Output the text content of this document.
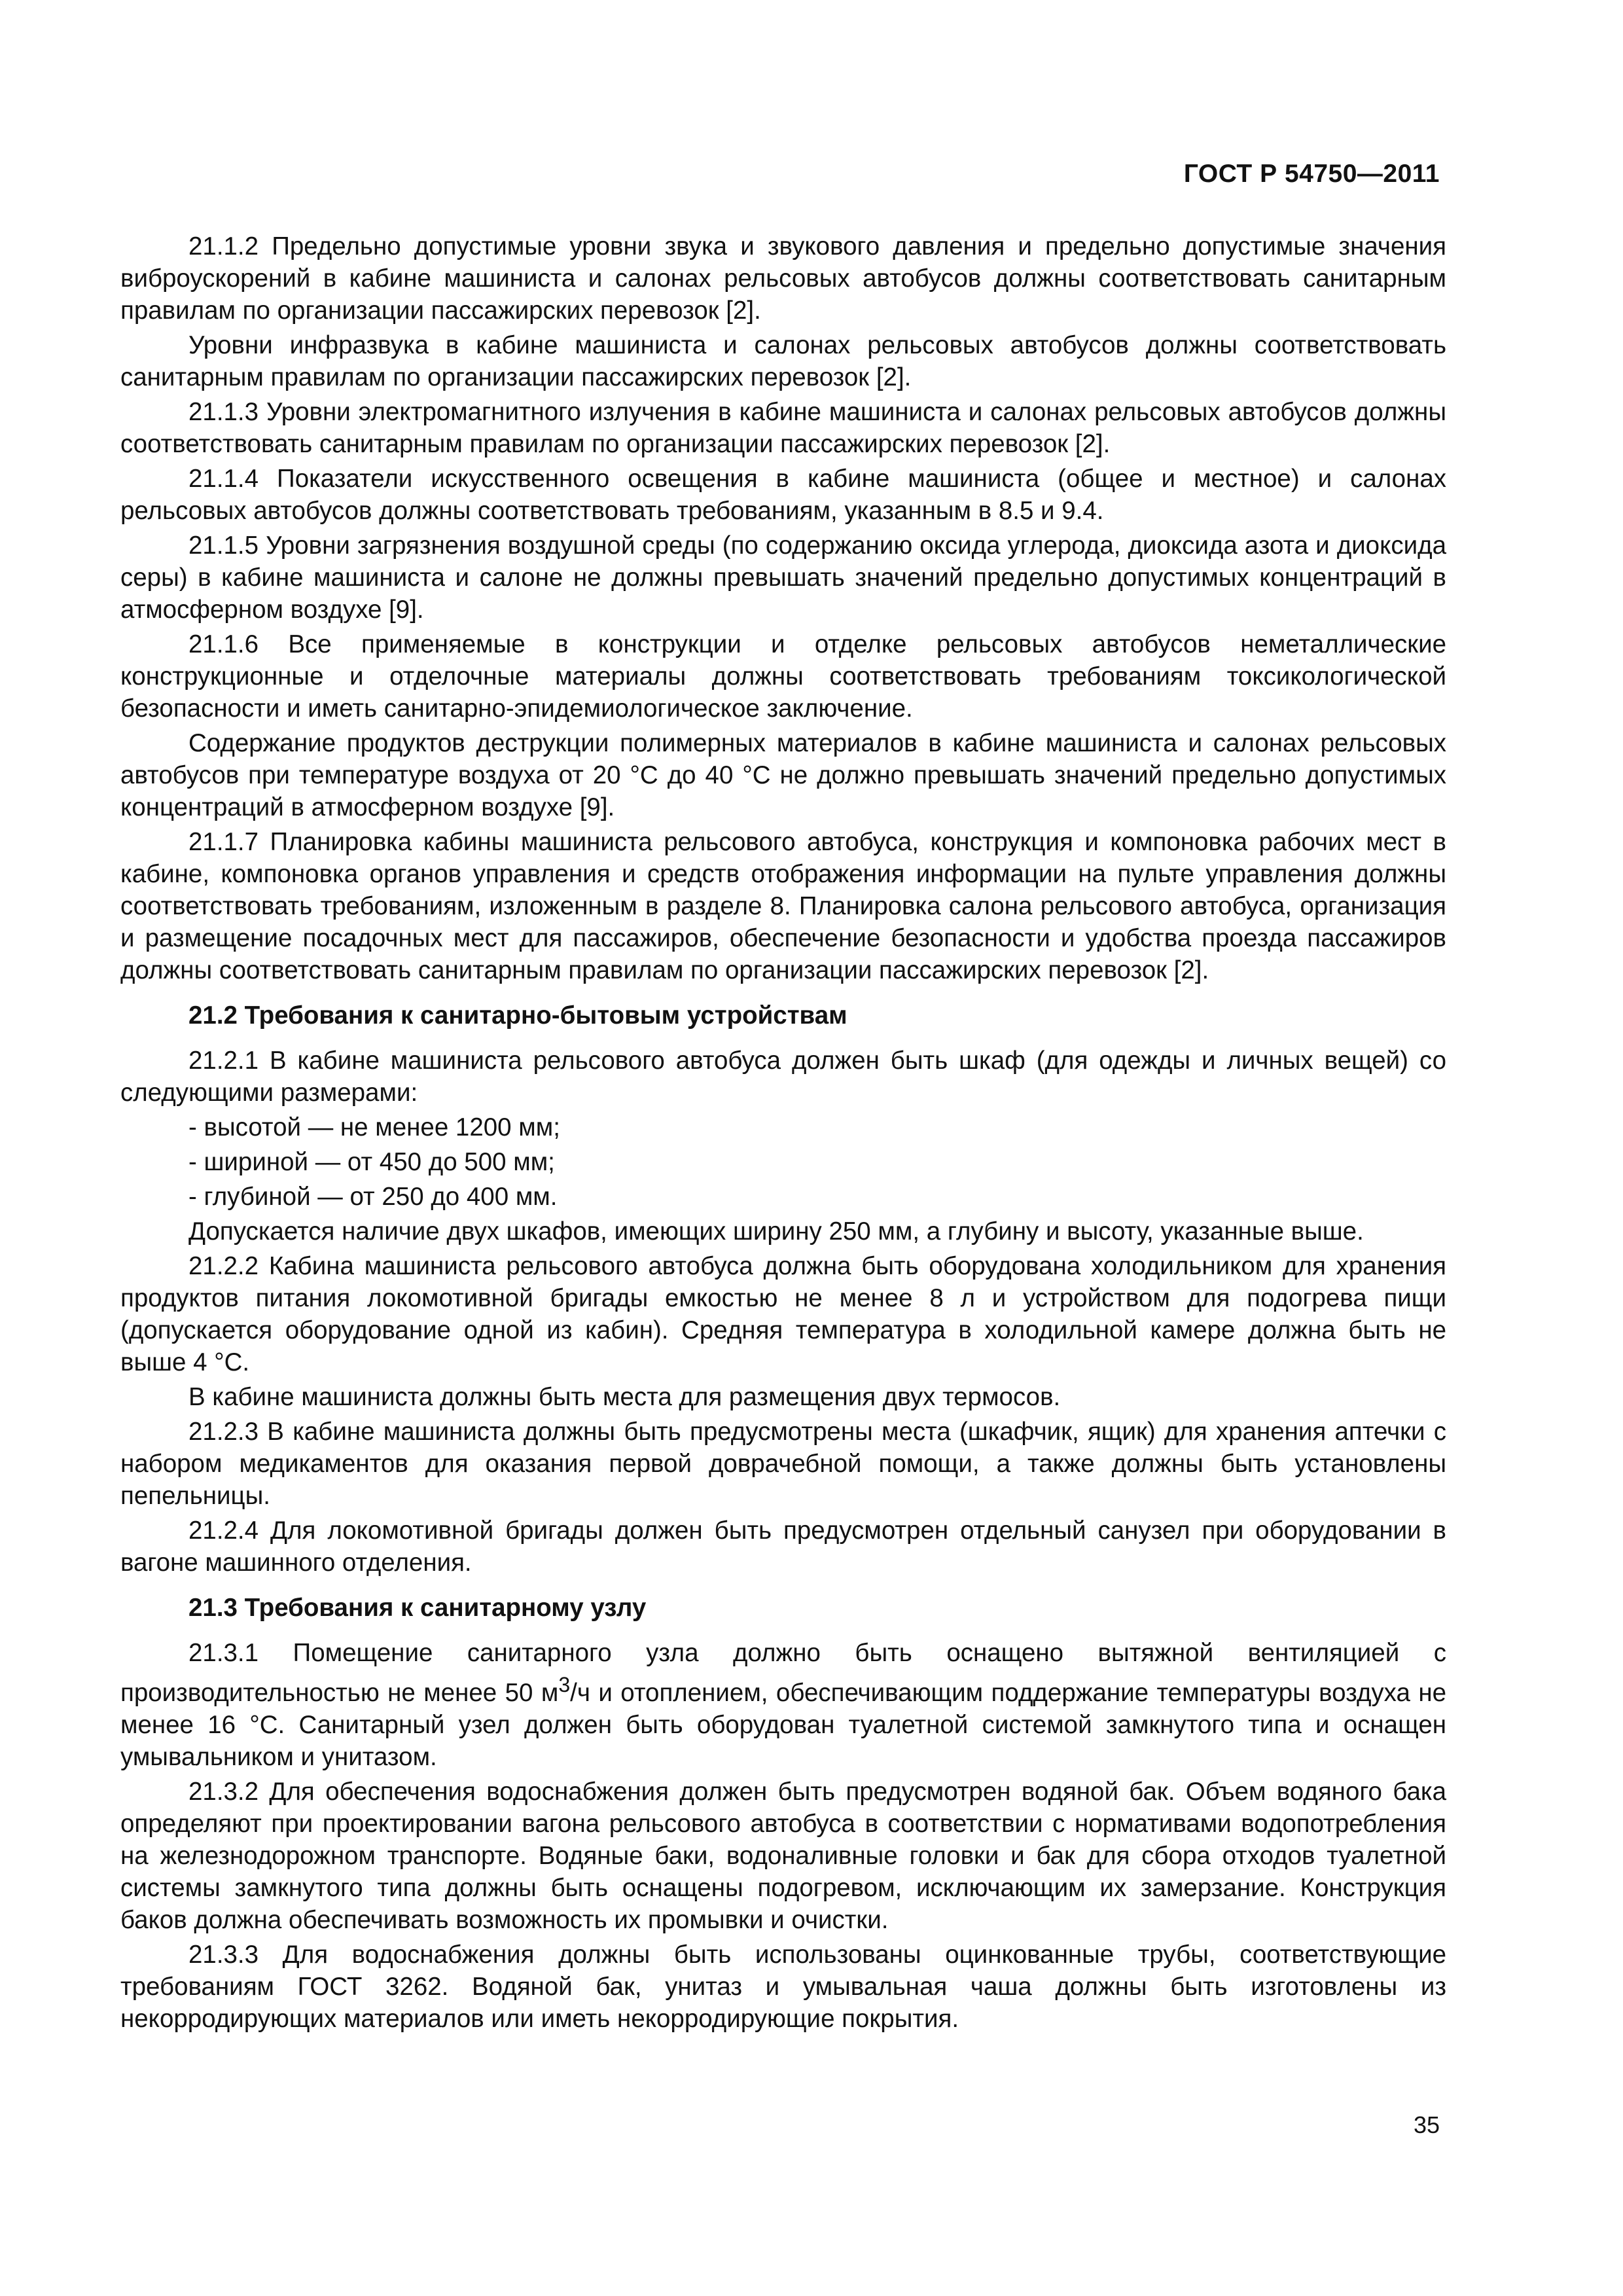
ГОСТ Р 54750—2011

21.1.2 Предельно допустимые уровни звука и звукового давления и предельно допустимые значения виброускорений в кабине машиниста и салонах рельсовых автобусов должны соответствовать санитарным правилам по организации пассажирских перевозок [2].

Уровни инфразвука в кабине машиниста и салонах рельсовых автобусов должны соответствовать санитарным правилам по организации пассажирских перевозок [2].

21.1.3 Уровни электромагнитного излучения в кабине машиниста и салонах рельсовых автобусов должны соответствовать санитарным правилам по организации пассажирских перевозок [2].

21.1.4 Показатели искусственного освещения в кабине машиниста (общее и местное) и салонах рельсовых автобусов должны соответствовать требованиям, указанным в 8.5 и 9.4.

21.1.5 Уровни загрязнения воздушной среды (по содержанию оксида углерода, диоксида азота и диоксида серы) в кабине машиниста и салоне не должны превышать значений предельно допустимых концентраций в атмосферном воздухе [9].

21.1.6 Все применяемые в конструкции и отделке рельсовых автобусов неметаллические конструкционные и отделочные материалы должны соответствовать требованиям токсикологической безопасности и иметь санитарно-эпидемиологическое заключение.

Содержание продуктов деструкции полимерных материалов в кабине машиниста и салонах рельсовых автобусов при температуре воздуха от 20 °С до 40 °С не должно превышать значений предельно допустимых концентраций в атмосферном воздухе [9].

21.1.7 Планировка кабины машиниста рельсового автобуса, конструкция и компоновка рабочих мест в кабине, компоновка органов управления и средств отображения информации на пульте управления должны соответствовать требованиям, изложенным в разделе 8. Планировка салона рельсового автобуса, организация и размещение посадочных мест для пассажиров, обеспечение безопасности и удобства проезда пассажиров должны соответствовать санитарным правилам по организации пассажирских перевозок [2].

21.2 Требования к санитарно-бытовым устройствам

21.2.1 В кабине машиниста рельсового автобуса должен быть шкаф (для одежды и личных вещей) со следующими размерами:

- высотой — не менее 1200 мм;
- шириной — от 450 до 500 мм;
- глубиной — от 250 до 400 мм.

Допускается наличие двух шкафов, имеющих ширину 250 мм, а глубину и высоту, указанные выше.

21.2.2 Кабина машиниста рельсового автобуса должна быть оборудована холодильником для хранения продуктов питания локомотивной бригады емкостью не менее 8 л и устройством для подогрева пищи (допускается оборудование одной из кабин). Средняя температура в холодильной камере должна быть не выше 4 °С.

В кабине машиниста должны быть места для размещения двух термосов.

21.2.3 В кабине машиниста должны быть предусмотрены места (шкафчик, ящик) для хранения аптечки с набором медикаментов для оказания первой доврачебной помощи, а также должны быть установлены пепельницы.

21.2.4 Для локомотивной бригады должен быть предусмотрен отдельный санузел при оборудовании в вагоне машинного отделения.

21.3 Требования к санитарному узлу

21.3.1 Помещение санитарного узла должно быть оснащено вытяжной вентиляцией с производительностью не менее 50 $м^3/ч$ и отоплением, обеспечивающим поддержание температуры воздуха не менее 16 °С. Санитарный узел должен быть оборудован туалетной системой замкнутого типа и оснащен умывальником и унитазом.

21.3.2 Для обеспечения водоснабжения должен быть предусмотрен водяной бак. Объем водяного бака определяют при проектировании вагона рельсового автобуса в соответствии с нормативами водопотребления на железнодорожном транспорте. Водяные баки, водоналивные головки и бак для сбора отходов туалетной системы замкнутого типа должны быть оснащены подогревом, исключающим их замерзание. Конструкция баков должна обеспечивать возможность их промывки и очистки.

21.3.3 Для водоснабжения должны быть использованы оцинкованные трубы, соответствующие требованиям ГОСТ 3262. Водяной бак, унитаз и умывальная чаша должны быть изготовлены из некорродирующих материалов или иметь некорродирующие покрытия.

35
